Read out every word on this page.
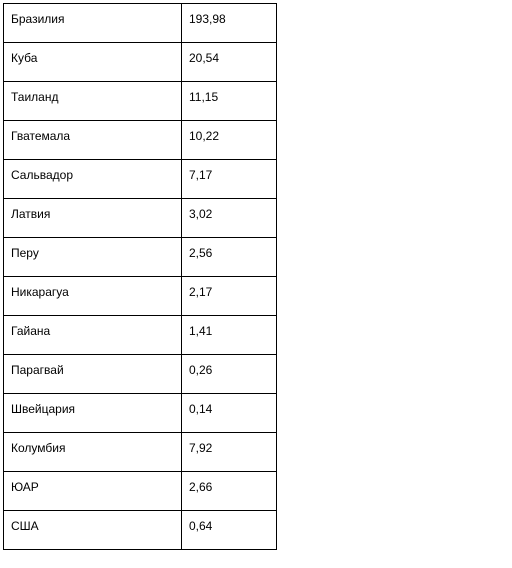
Бразилия	193,98
Куба	20,54
Таиланд	11,15
Гватемала	10,22
Сальвадор	7,17
Латвия	3,02
Перу	2,56
Никарагуа	2,17
Гайана	1,41
Парагвай	0,26
Швейцария	0,14
Колумбия	7,92
ЮАР	2,66
США	0,64
